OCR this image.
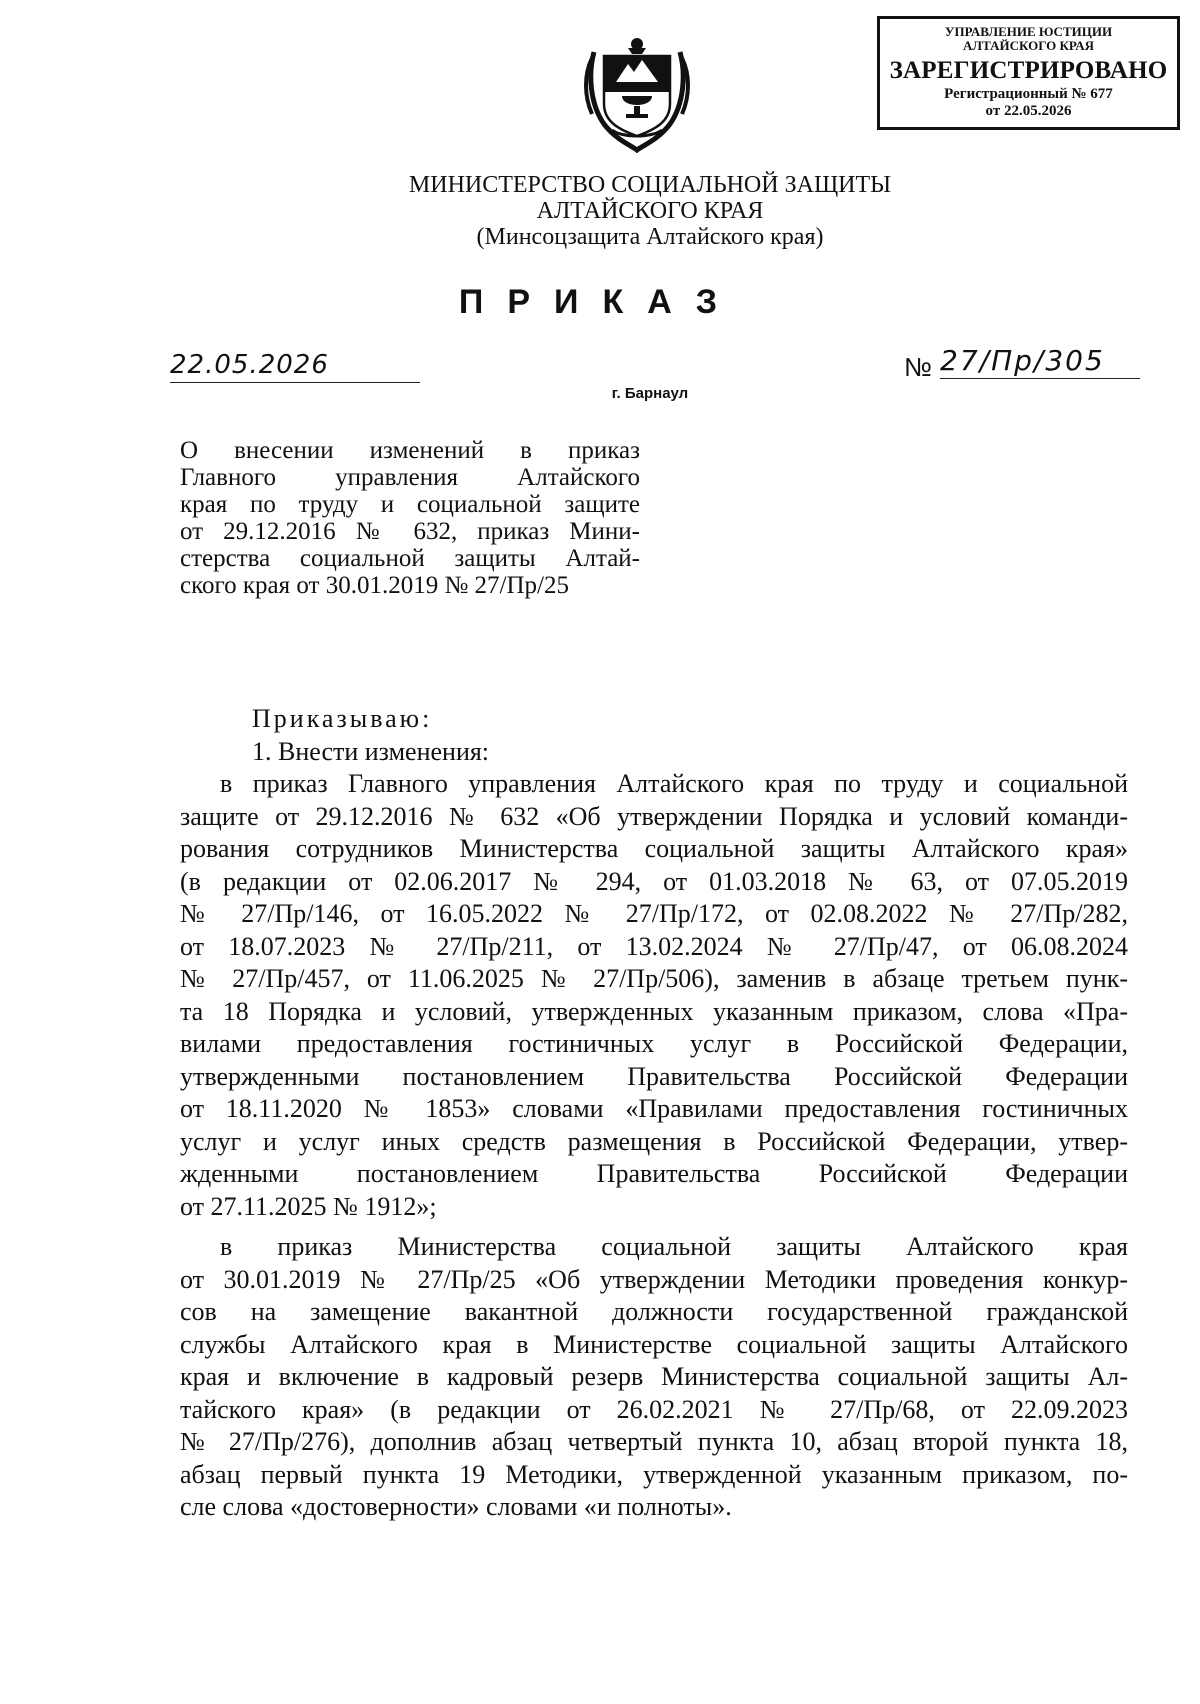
УПРАВЛЕНИЕ ЮСТИЦИИ
АЛТАЙСКОГО КРАЯ
ЗАРЕГИСТРИРОВАНО
Регистрационный № 677
от 22.05.2026
МИНИСТЕРСТВО СОЦИАЛЬНОЙ ЗАЩИТЫ
АЛТАЙСКОГО КРАЯ
(Минсоцзащита Алтайского края)
ПРИКАЗ
22.05.2026	№ 27/Пр/305
г. Барнаул
О внесении изменений в приказ
Главного управления Алтайского
края по труду и социальной защите
от 29.12.2016 № 632, приказ Мини-
стерства социальной защиты Алтай-
ского края от 30.01.2019 № 27/Пр/25

Приказываю:

1. Внести изменения:

в приказ Главного управления Алтайского края по труду и социальной
защите от 29.12.2016 № 632 «Об утверждении Порядка и условий команди-
рования сотрудников Министерства социальной защиты Алтайского края»
(в редакции от 02.06.2017 № 294, от 01.03.2018 № 63, от 07.05.2019
№ 27/Пр/146, от 16.05.2022 № 27/Пр/172, от 02.08.2022 № 27/Пр/282,
от 18.07.2023 № 27/Пр/211, от 13.02.2024 № 27/Пр/47, от 06.08.2024
№ 27/Пр/457, от 11.06.2025 № 27/Пр/506), заменив в абзаце третьем пунк-
та 18 Порядка и условий, утвержденных указанным приказом, слова «Пра-
вилами предоставления гостиничных услуг в Российской Федерации,
утвержденными постановлением Правительства Российской Федерации
от 18.11.2020 № 1853» словами «Правилами предоставления гостиничных
услуг и услуг иных средств размещения в Российской Федерации, утвер-
жденными постановлением Правительства Российской Федерации
от 27.11.2025 № 1912»;
в приказ Министерства социальной защиты Алтайского края
от 30.01.2019 № 27/Пр/25 «Об утверждении Методики проведения конкур-
сов на замещение вакантной должности государственной гражданской
службы Алтайского края в Министерстве социальной защиты Алтайского
края и включение в кадровый резерв Министерства социальной защиты Ал-
тайского края» (в редакции от 26.02.2021 № 27/Пр/68, от 22.09.2023
№ 27/Пр/276), дополнив абзац четвертый пункта 10, абзац второй пункта 18,
абзац первый пункта 19 Методики, утвержденной указанным приказом, по-
сле слова «достоверности» словами «и полноты».
